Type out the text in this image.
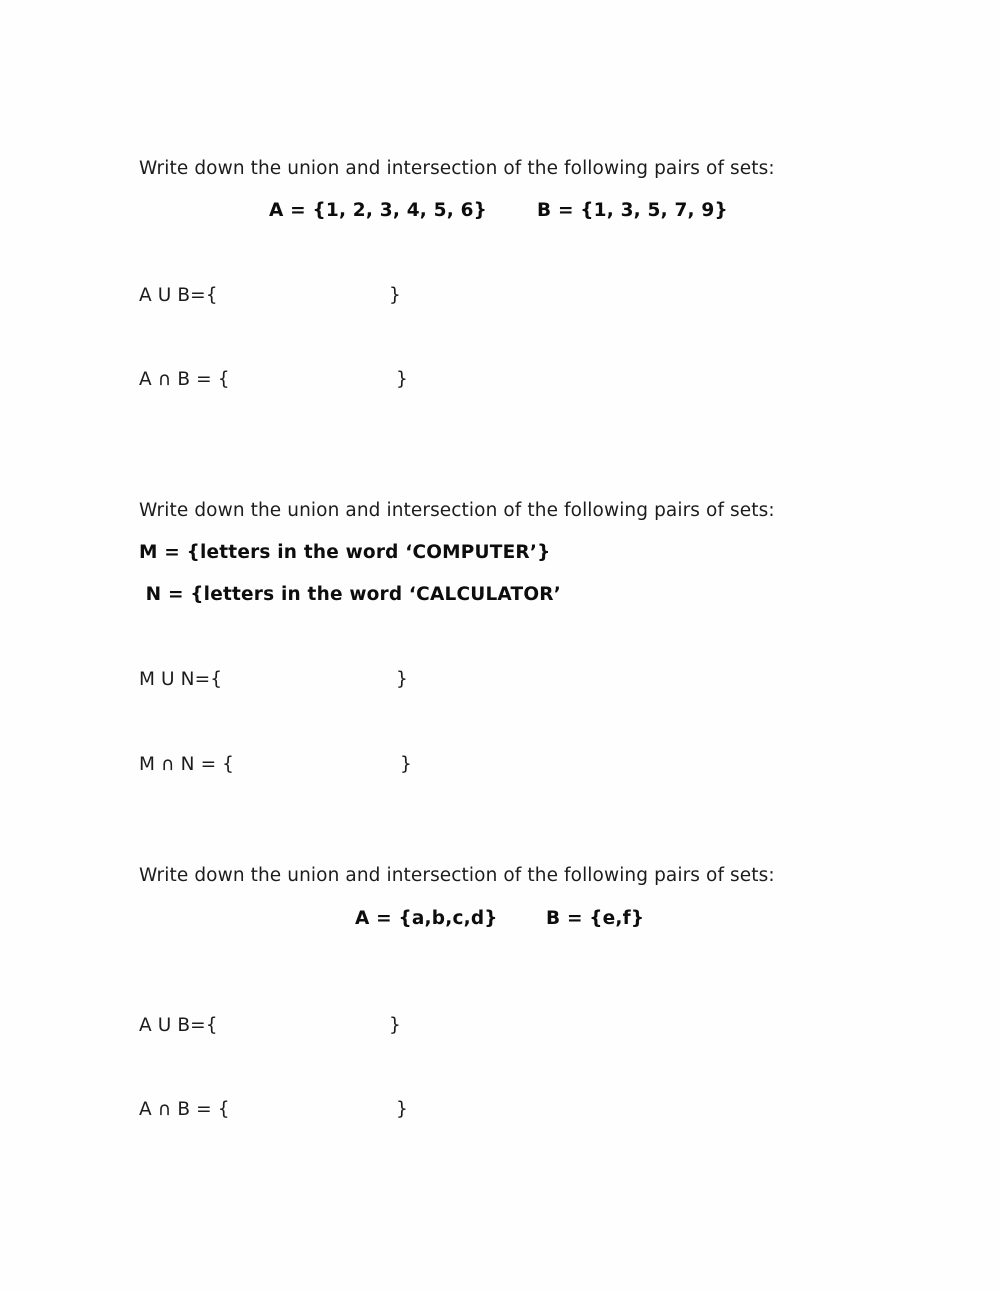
Write down the union and intersection of the following pairs of sets:
A = {1, 2, 3, 4, 5, 6}	B = {1, 3, 5, 7, 9}
A U B={	}
A ∩ B = {	}
Write down the union and intersection of the following pairs of sets:
M = {letters in the word ‘COMPUTER’}
N = {letters in the word ‘CALCULATOR’
M U N={	}
M ∩ N = {	}
Write down the union and intersection of the following pairs of sets:
A = {a,b,c,d}	B = {e,f}
A U B={	}
A ∩ B = {	}
